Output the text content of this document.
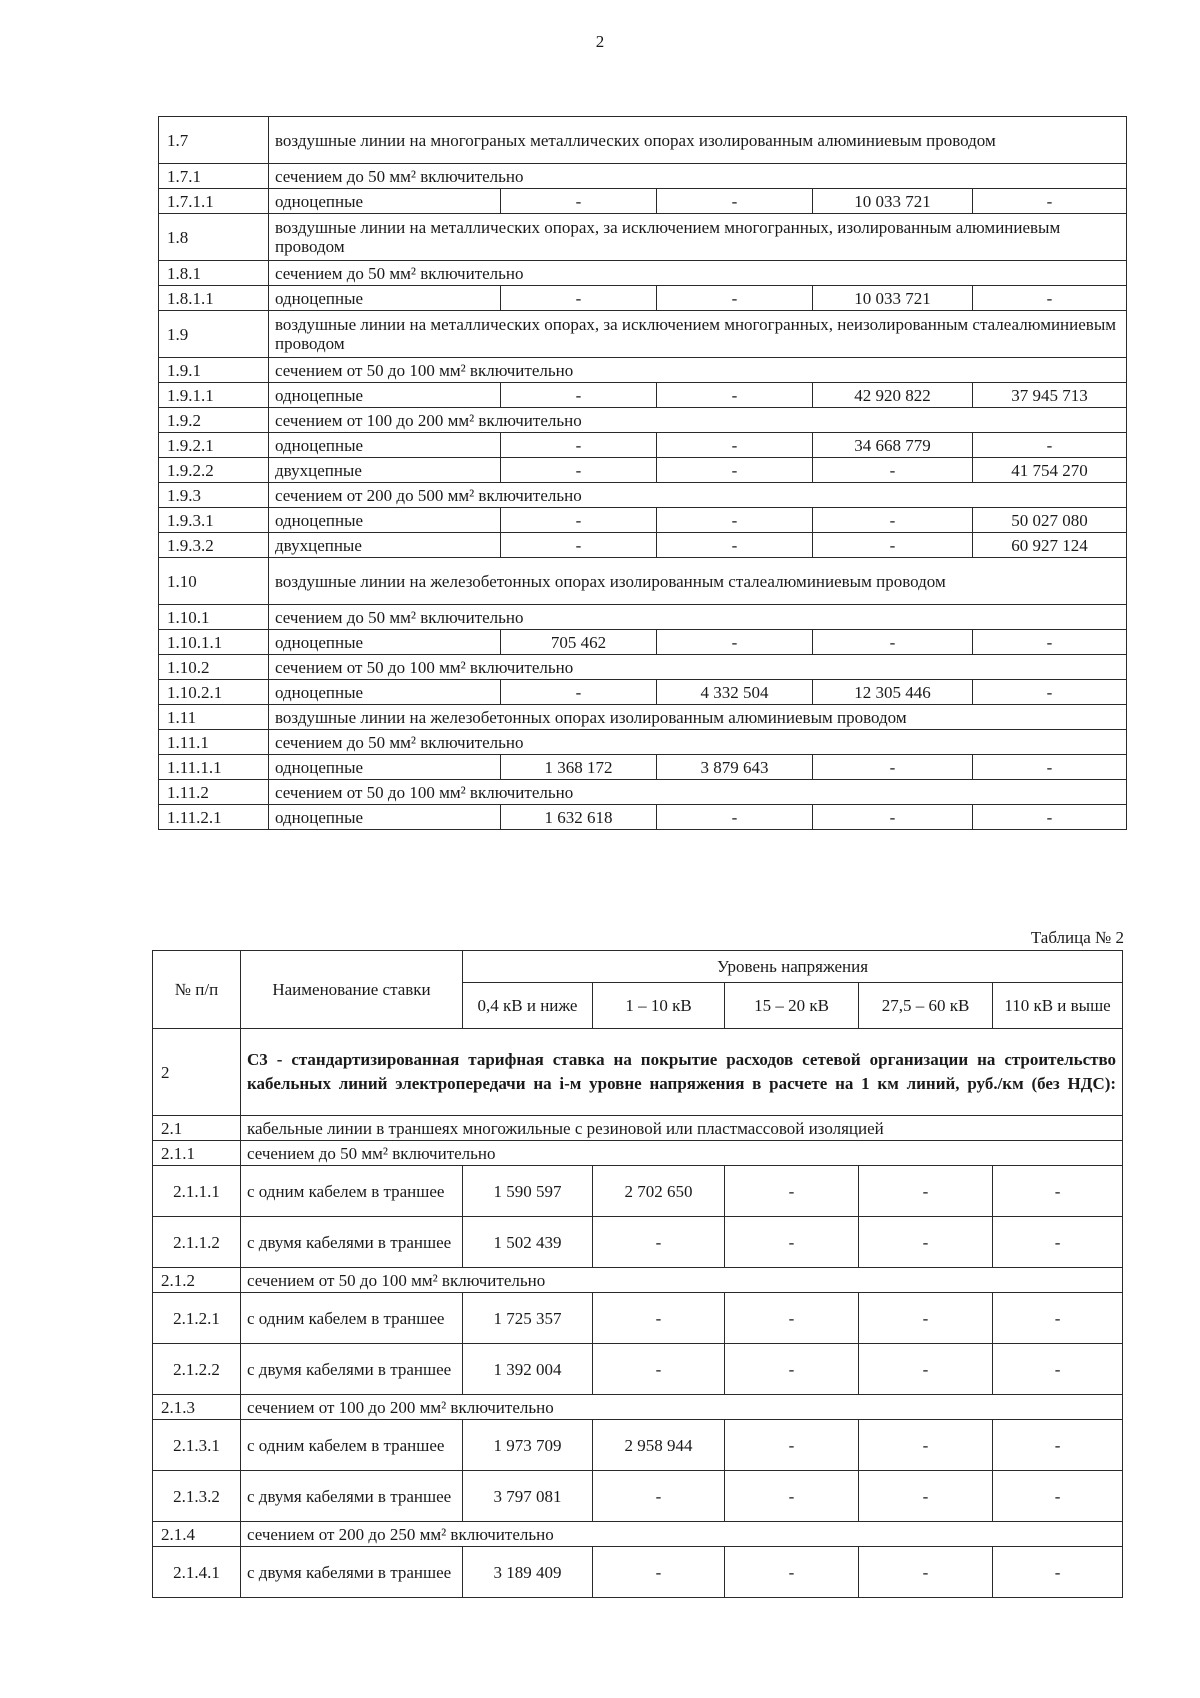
2
1.7	воздушные линии на многограных металлических опорах изолированным алюминиевым проводом				
1.7.1	сечением до 50 мм² включительно				
1.7.1.1	одноцепные	-	-	10 033 721	-
1.8	воздушные линии на металлических опорах, за исключением многогранных, изолированным алюминиевым проводом				
1.8.1	сечением до 50 мм² включительно				
1.8.1.1	одноцепные	-	-	10 033 721	-
1.9	воздушные линии на металлических опорах, за исключением многогранных, неизолированным сталеалюминиевым проводом				
1.9.1	сечением от 50 до 100 мм² включительно				
1.9.1.1	одноцепные	-	-	42 920 822	37 945 713
1.9.2	сечением от 100 до 200 мм² включительно				
1.9.2.1	одноцепные	-	-	34 668 779	-
1.9.2.2	двухцепные	-	-	-	41 754 270
1.9.3	сечением от 200 до 500 мм² включительно				
1.9.3.1	одноцепные	-	-	-	50 027 080
1.9.3.2	двухцепные	-	-	-	60 927 124
1.10	воздушные линии на железобетонных опорах изолированным сталеалюминиевым проводом				
1.10.1	сечением до 50 мм² включительно				
1.10.1.1	одноцепные	705 462	-	-	-
1.10.2	сечением от 50 до 100 мм² включительно				
1.10.2.1	одноцепные	-	4 332 504	12 305 446	-
1.11	воздушные линии на железобетонных опорах изолированным алюминиевым проводом				
1.11.1	сечением до 50 мм² включительно				
1.11.1.1	одноцепные	1 368 172	3 879 643	-	-
1.11.2	сечением от 50 до 100 мм² включительно				
1.11.2.1	одноцепные	1 632 618	-	-	-
Таблица № 2
№ п/п	Наименование ставки	Уровень напряжения				
		0,4 кВ и ниже	1 – 10 кВ	15 – 20 кВ	27,5 – 60 кВ	110 кВ и выше
2	С3 - стандартизированная тарифная ставка на покрытие расходов сетевой организации на строительство кабельных линий электропередачи на i-м уровне напряжения в расчете на 1 км линий, руб./км (без НДС):					
2.1	кабельные линии в траншеях многожильные с резиновой или пластмассовой изоляцией					
2.1.1	сечением до 50 мм² включительно					
2.1.1.1	с одним кабелем в траншее	1 590 597	2 702 650	-	-	-
2.1.1.2	с двумя кабелями в траншее	1 502 439	-	-	-	-
2.1.2	сечением от 50 до 100 мм² включительно					
2.1.2.1	с одним кабелем в траншее	1 725 357	-	-	-	-
2.1.2.2	с двумя кабелями в траншее	1 392 004	-	-	-	-
2.1.3	сечением от 100 до 200 мм² включительно					
2.1.3.1	с одним кабелем в траншее	1 973 709	2 958 944	-	-	-
2.1.3.2	с двумя кабелями в траншее	3 797 081	-	-	-	-
2.1.4	сечением от 200 до 250 мм² включительно					
2.1.4.1	с двумя кабелями в траншее	3 189 409	-	-	-	-
